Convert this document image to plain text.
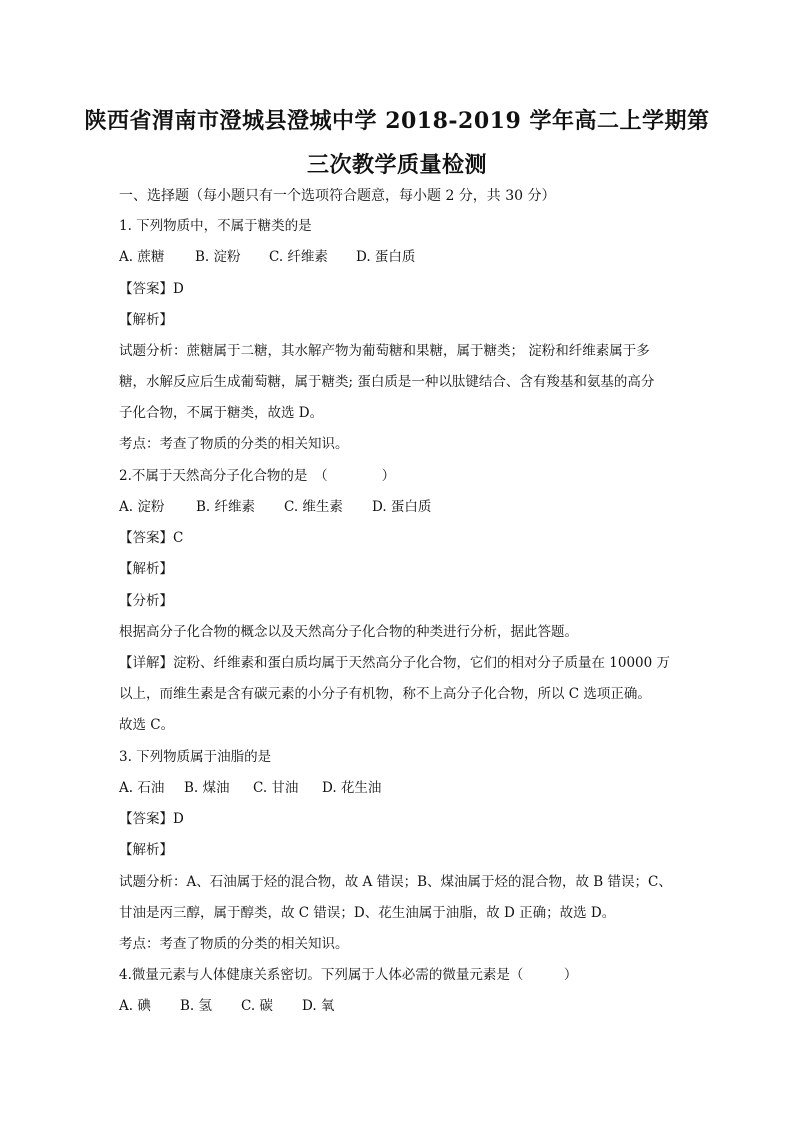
陕西省渭南市澄城县澄城中学 2018-2019 学年高二上学期第
三次教学质量检测
一、选择题（每小题只有一个选项符合题意，每小题 2 分，共 30 分）
1. 下列物质中，不属于糖类的是
A. 蔗糖 B. 淀粉 C. 纤维素 D. 蛋白质
【答案】D
【解析】
试题分析：蔗糖属于二糖，其水解产物为葡萄糖和果糖，属于糖类； 淀粉和纤维素属于多
糖，水解反应后生成葡萄糖，属于糖类; 蛋白质是一种以肽键结合、含有羧基和氨基的高分
子化合物，不属于糖类，故选 D。
考点：考查了物质的分类的相关知识。
2.不属于天然高分子化合物的是　（　　　　）
A. 淀粉 B. 纤维素 C. 维生素 D. 蛋白质
【答案】C
【解析】
【分析】
根据高分子化合物的概念以及天然高分子化合物的种类进行分析，据此答题。
【详解】淀粉、纤维素和蛋白质均属于天然高分子化合物，它们的相对分子质量在 10000 万
以上，而维生素是含有碳元素的小分子有机物，称不上高分子化合物，所以 C 选项正确。
故选 C。
3. 下列物质属于油脂的是
A. 石油 B. 煤油 C. 甘油 D. 花生油
【答案】D
【解析】
试题分析：A、石油属于烃的混合物，故 A 错误；B、煤油属于烃的混合物，故 B 错误；C、
甘油是丙三醇，属于醇类，故 C 错误；D、花生油属于油脂，故 D 正确；故选 D。
考点：考查了物质的分类的相关知识。
4.微量元素与人体健康关系密切。下列属于人体必需的微量元素是（　　　）
A. 碘 B. 氢 C. 碳 D. 氧
